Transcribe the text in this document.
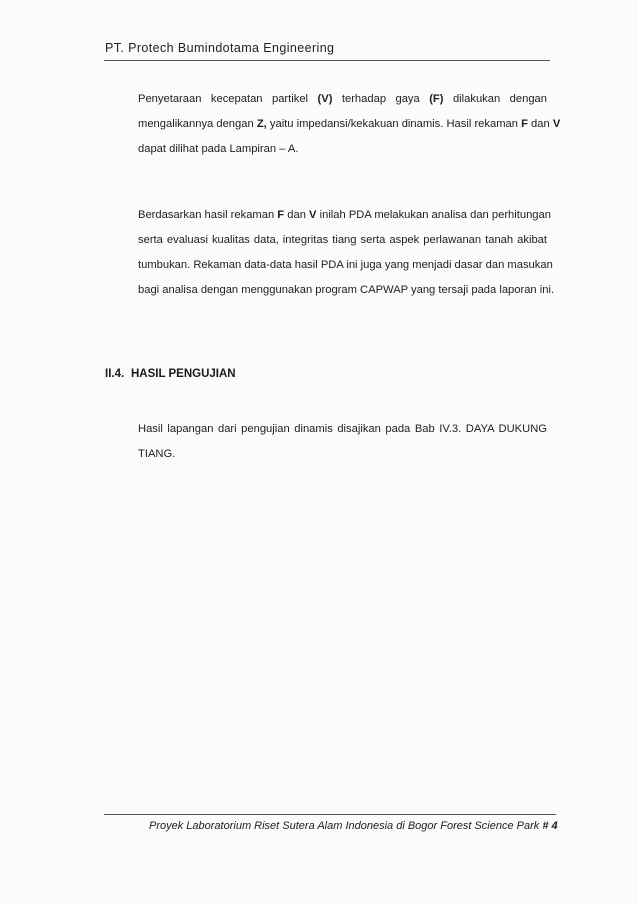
PT. Protech Bumindotama Engineering

Penyetaraan kecepatan partikel (V) terhadap gaya (F) dilakukan dengan
mengalikannya dengan Z, yaitu impedansi/kekakuan dinamis. Hasil rekaman F dan V
dapat dilihat pada Lampiran – A.

Berdasarkan hasil rekaman F dan V inilah PDA melakukan analisa dan perhitungan
serta evaluasi kualitas data, integritas tiang serta aspek perlawanan tanah akibat
tumbukan. Rekaman data-data hasil PDA ini juga yang menjadi dasar dan masukan
bagi analisa dengan menggunakan program CAPWAP yang tersaji pada laporan ini.

II.4. HASIL PENGUJIAN

Hasil lapangan dari pengujian dinamis disajikan pada Bab IV.3. DAYA DUKUNG
TIANG.

Proyek Laboratorium Riset Sutera Alam Indonesia di Bogor Forest Science Park # 4
